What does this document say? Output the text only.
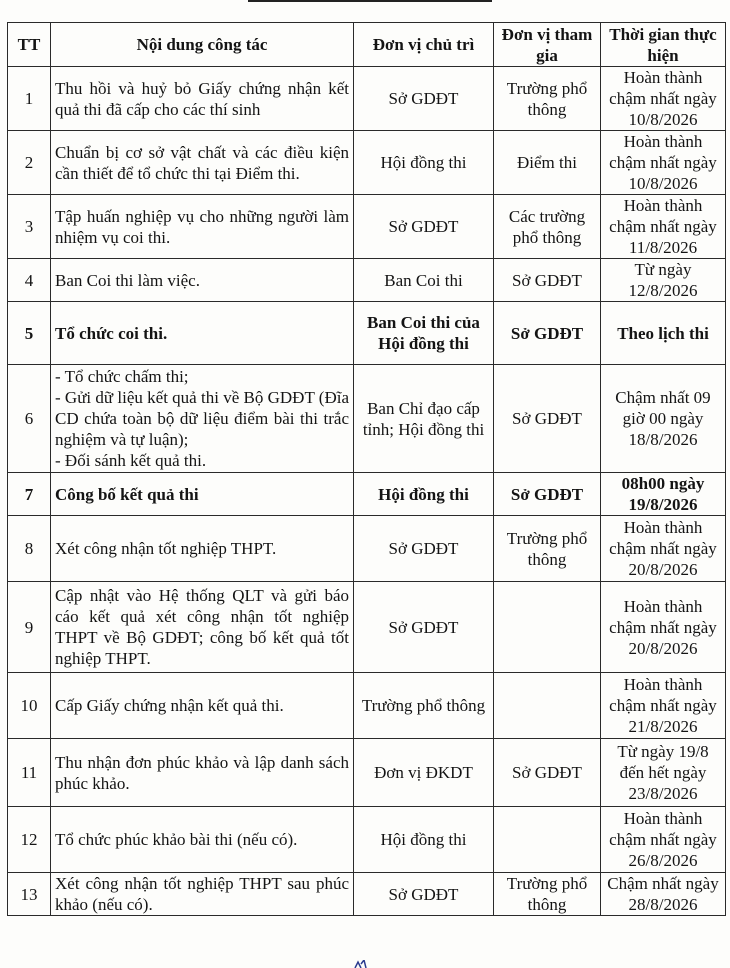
TT	Nội dung công tác	Đơn vị chủ trì	Đơn vị tham gia	Thời gian thực hiện
1	Thu hồi và huỷ bỏ Giấy chứng nhận kết quả thi đã cấp cho các thí sinh	Sở GDĐT	Trường phổ thông	Hoàn thành chậm nhất ngày 10/8/2026
2	Chuẩn bị cơ sở vật chất và các điều kiện cần thiết để tổ chức thi tại Điểm thi.	Hội đồng thi	Điểm thi	Hoàn thành chậm nhất ngày 10/8/2026
3	Tập huấn nghiệp vụ cho những người làm nhiệm vụ coi thi.	Sở GDĐT	Các trường phổ thông	Hoàn thành chậm nhất ngày 11/8/2026
4	Ban Coi thi làm việc.	Ban Coi thi	Sở GDĐT	Từ ngày 12/8/2026
5	Tổ chức coi thi.	Ban Coi thi của Hội đồng thi	Sở GDĐT	Theo lịch thi
6	- Tổ chức chấm thi;
- Gửi dữ liệu kết quả thi về Bộ GDĐT (Đĩa CD chứa toàn bộ dữ liệu điểm bài thi trắc nghiệm và tự luận);
- Đối sánh kết quả thi.	Ban Chỉ đạo cấp tỉnh; Hội đồng thi	Sở GDĐT	Chậm nhất 09 giờ 00 ngày 18/8/2026
7	Công bố kết quả thi	Hội đồng thi	Sở GDĐT	08h00 ngày 19/8/2026
8	Xét công nhận tốt nghiệp THPT.	Sở GDĐT	Trường phổ thông	Hoàn thành chậm nhất ngày 20/8/2026
9	Cập nhật vào Hệ thống QLT và gửi báo cáo kết quả xét công nhận tốt nghiệp THPT về Bộ GDĐT; công bố kết quả tốt nghiệp THPT.	Sở GDĐT		Hoàn thành chậm nhất ngày 20/8/2026
10	Cấp Giấy chứng nhận kết quả thi.	Trường phổ thông		Hoàn thành chậm nhất ngày 21/8/2026
11	Thu nhận đơn phúc khảo và lập danh sách phúc khảo.	Đơn vị ĐKDT	Sở GDĐT	Từ ngày 19/8 đến hết ngày 23/8/2026
12	Tổ chức phúc khảo bài thi (nếu có).	Hội đồng thi		Hoàn thành chậm nhất ngày 26/8/2026
13	Xét công nhận tốt nghiệp THPT sau phúc khảo (nếu có).	Sở GDĐT	Trường phổ thông	Chậm nhất ngày 28/8/2026
